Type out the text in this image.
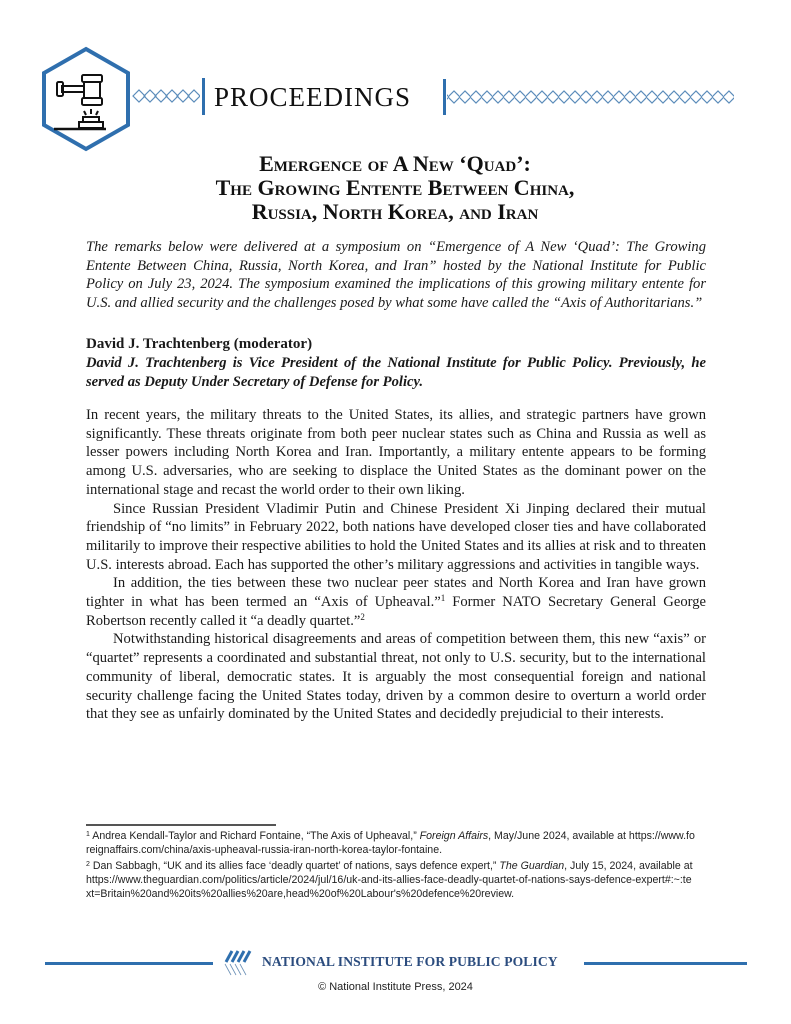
PROCEEDINGS
Emergence of A New ‘Quad’:
The Growing Entente Between China,
Russia, North Korea, and Iran
The remarks below were delivered at a symposium on “Emergence of A New ‘Quad’: The Growing Entente Between China, Russia, North Korea, and Iran” hosted by the National Institute for Public Policy on July 23, 2024. The symposium examined the implications of this growing military entente for U.S. and allied security and the challenges posed by what some have called the “Axis of Authoritarians.”
David J. Trachtenberg (moderator)
David J. Trachtenberg is Vice President of the National Institute for Public Policy. Previously, he served as Deputy Under Secretary of Defense for Policy.

In recent years, the military threats to the United States, its allies, and strategic partners have grown significantly. These threats originate from both peer nuclear states such as China and Russia as well as lesser powers including North Korea and Iran. Importantly, a military entente appears to be forming among U.S. adversaries, who are seeking to displace the United States as the dominant power on the international stage and recast the world order to their own liking.

Since Russian President Vladimir Putin and Chinese President Xi Jinping declared their mutual friendship of “no limits” in February 2022, both nations have developed closer ties and have collaborated militarily to improve their respective abilities to hold the United States and its allies at risk and to threaten U.S. interests abroad. Each has supported the other’s military aggressions and activities in tangible ways.

In addition, the ties between these two nuclear peer states and North Korea and Iran have grown tighter in what has been termed an “Axis of Upheaval.”$^1$ Former NATO Secretary General George Robertson recently called it “a deadly quartet.”$^2$

Notwithstanding historical disagreements and areas of competition between them, this new “axis” or “quartet” represents a coordinated and substantial threat, not only to U.S. security, but to the international community of liberal, democratic states. It is arguably the most consequential foreign and national security challenge facing the United States today, driven by a common desire to overturn a world order that they see as unfairly dominated by the United States and decidedly prejudicial to their interests.

$^1$ Andrea Kendall-Taylor and Richard Fontaine, “The Axis of Upheaval,” Foreign Affairs, May/June 2024, available at https://www.foreignaffairs.com/china/axis-upheaval-russia-iran-north-korea-taylor-fontaine.
$^2$ Dan Sabbagh, “UK and its allies face ‘deadly quartet’ of nations, says defence expert,” The Guardian, July 15, 2024, available at https://www.theguardian.com/politics/article/2024/jul/16/uk-and-its-allies-face-deadly-quartet-of-nations-says-defence-expert#:~:text=Britain%20and%20its%20allies%20are,head%20of%20Labour's%20defence%20review.
NATIONAL INSTITUTE FOR PUBLIC POLICY
© National Institute Press, 2024
